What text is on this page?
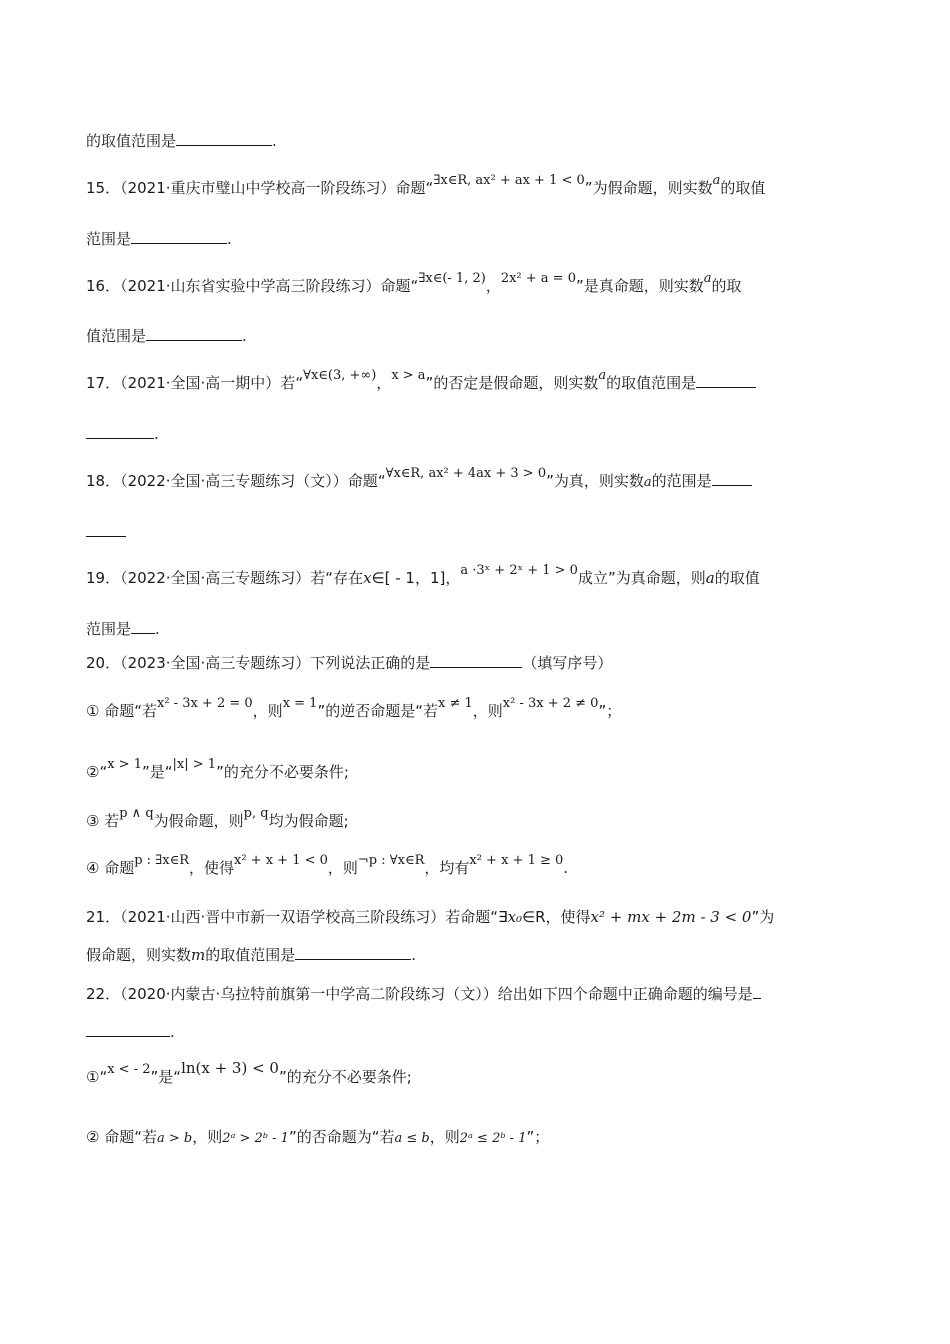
的取值范围是	.
15．（2021·重庆市璧山中学校高一阶段练习）命题“∃x∈R, ax² + ax + 1 < 0”为假命题，则实数a的取值
范围是	.
16．（2021·山东省实验中学高三阶段练习）命题“∃x∈(- 1, 2)，2x² + a = 0”是真命题，则实数a的取
值范围是	.
17．（2021·全国·高一期中）若“∀x∈(3, +∞)，x > a”的否定是假命题，则实数a的取值范围是
.
18．（2022·全国·高三专题练习（文））命题“∀x∈R, ax² + 4ax + 3 > 0”为真，则实数a的范围是
19．（2022·全国·高三专题练习）若“存在x∈[ - 1，1]，a ·3ˣ + 2ˣ + 1 > 0成立”为真命题，则a的取值
范围是 .
20．（2023·全国·高三专题练习）下列说法正确的是	（填写序号）
① 命题“若x² - 3x + 2 = 0，则x = 1”的逆否命题是“若x ≠ 1，则x² - 3x + 2 ≠ 0”；
②“x > 1”是“|x| > 1”的充分不必要条件;
③ 若p ∧ q为假命题，则p, q均为假命题;
④ 命题p : ∃x∈R，使得x² + x + 1 < 0，则¬p : ∀x∈R，均有x² + x + 1 ≥ 0.
21．（2021·山西·晋中市新一双语学校高三阶段练习）若命题“∃x₀∈R，使得x² + mx + 2m - 3 < 0”为
假命题，则实数m的取值范围是	.
22．（2020·内蒙古·乌拉特前旗第一中学高二阶段练习（文））给出如下四个命题中正确命题的编号是
.
①“x < - 2”是“ln(x + 3) < 0”的充分不必要条件;
② 命题“若a > b，则2ᵃ > 2ᵇ - 1”的否命题为“若a ≤ b，则2ᵃ ≤ 2ᵇ - 1”；
